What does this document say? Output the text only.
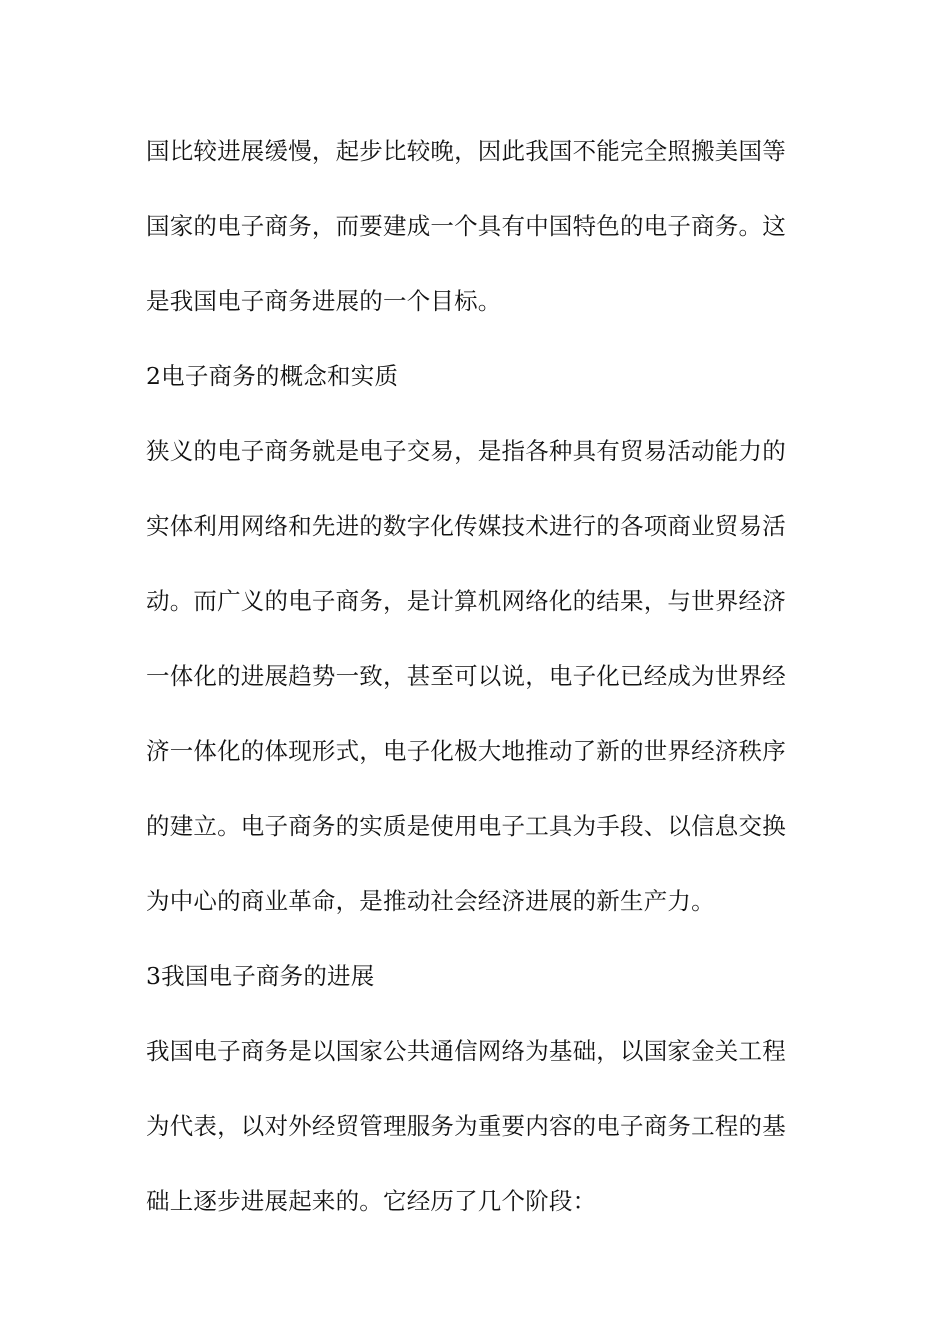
国比较进展缓慢，起步比较晚，因此我国不能完全照搬美国等
国家的电子商务，而要建成一个具有中国特色的电子商务。这
是我国电子商务进展的一个目标。
2电子商务的概念和实质
狭义的电子商务就是电子交易，是指各种具有贸易活动能力的
实体利用网络和先进的数字化传媒技术进行的各项商业贸易活
动。而广义的电子商务，是计算机网络化的结果，与世界经济
一体化的进展趋势一致，甚至可以说，电子化已经成为世界经
济一体化的体现形式，电子化极大地推动了新的世界经济秩序
的建立。电子商务的实质是使用电子工具为手段、以信息交换
为中心的商业革命，是推动社会经济进展的新生产力。
3我国电子商务的进展
我国电子商务是以国家公共通信网络为基础，以国家金关工程
为代表，以对外经贸管理服务为重要内容的电子商务工程的基
础上逐步进展起来的。它经历了几个阶段：
